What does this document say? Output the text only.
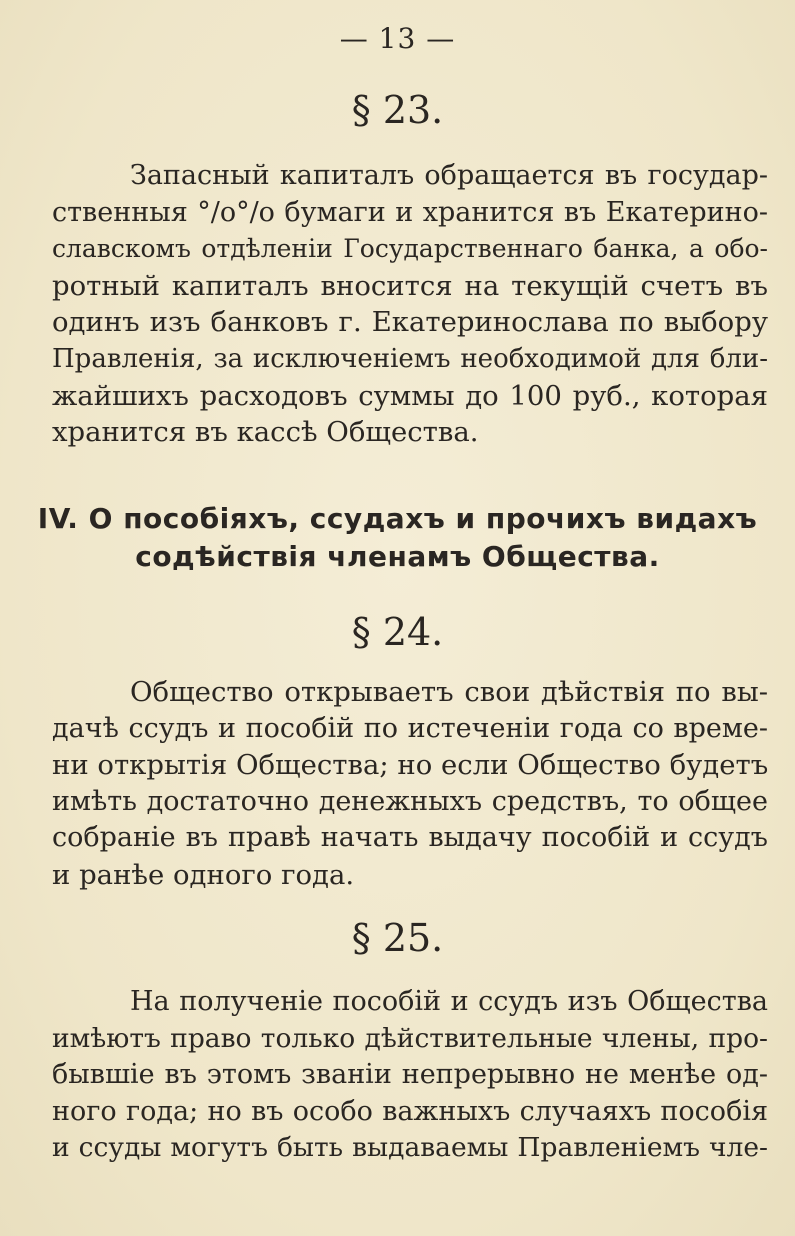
— 13 —
§ 23.

Запасный капиталъ обращается въ государ-
ственныя °/о°/о бумаги и хранится въ Екатерино-
славскомъ отдѣленіи Государственнаго банка, а обо-
ротный капиталъ вносится на текущій счетъ въ
одинъ изъ банковъ г. Екатеринослава по выбору
Правленія, за исключеніемъ необходимой для бли-
жайшихъ расходовъ суммы до 100 руб., которая
хранится въ кассѣ Общества.

IV. О пособіяхъ, ссудахъ и прочихъ видахъ
содѣйствія членамъ Общества.
§ 24.

Общество открываетъ свои дѣйствія по вы-
дачѣ ссудъ и пособій по истеченіи года со време-
ни открытія Общества; но если Общество будетъ
имѣть достаточно денежныхъ средствъ, то общее
собраніе въ правѣ начать выдачу пособій и ссудъ
и ранѣе одного года.

§ 25.

На полученіе пособій и ссудъ изъ Общества
имѣютъ право только дѣйствительные члены, про-
бывшіе въ этомъ званіи непрерывно не менѣе од-
ного года; но въ особо важныхъ случаяхъ пособія
и ссуды могутъ быть выдаваемы Правленіемъ чле-
